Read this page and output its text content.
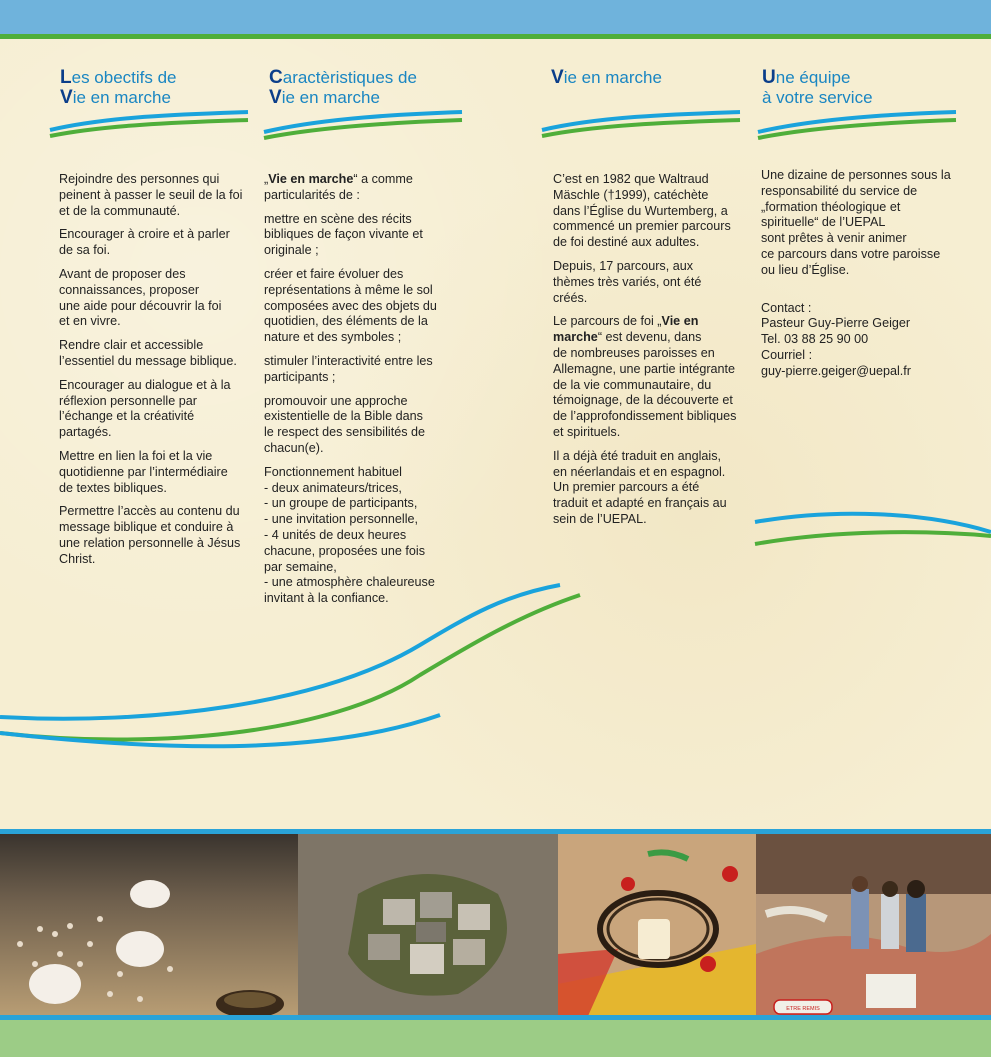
Les obectifs de
Vie en marche
Caractèristiques de
Vie en marche
Vie en marche	Une équipe
à votre service

Rejoindre des personnes qui
peinent à passer le seuil de la foi
et de la communauté.

Encourager à croire et à parler
de sa foi.

Avant de proposer des
connaissances, proposer
une aide pour découvrir la foi
et en vivre.

Rendre clair et accessible
l’essentiel du message biblique.

Encourager au dialogue et à la
réflexion personnelle par
l’échange et la créativité
partagés.

Mettre en lien la foi et la vie
quotidienne par l’intermédiaire
de textes bibliques.

Permettre l’accès au contenu du
message biblique et conduire à
une relation personnelle à Jésus
Christ.

„Vie en marche“ a comme
particularités de :

mettre en scène des récits
bibliques de façon vivante et
originale ;

créer et faire évoluer des
représentations à même le sol
composées avec des objets du
quotidien, des éléments de la
nature et des symboles ;

stimuler l’interactivité entre les
participants ;

promouvoir une approche
existentielle de la Bible dans
le respect des sensibilités de
chacun(e).

Fonctionnement habituel
- deux animateurs/trices,
- un groupe de participants,
- une invitation personnelle,
- 4 unités de deux heures
chacune, proposées une fois
par semaine,
- une atmosphère chaleureuse
invitant à la confiance.

C’est en 1982 que Waltraud
Mäschle (†1999), catéchète
dans l’Église du Wurtemberg, a
commencé un premier parcours
de foi destiné aux adultes.

Depuis, 17 parcours, aux
thèmes très variés, ont été
créés.

Le parcours de foi „Vie en
marche“ est devenu, dans
de nombreuses paroisses en
Allemagne, une partie intégrante
de la vie communautaire, du
témoignage, de la découverte et
de l’approfondissement bibliques
et spirituels.

Il a déjà été traduit en anglais,
en néerlandais et en espagnol.
Un premier parcours a été
traduit et adapté en français au
sein de l’UEPAL.

Une dizaine de personnes sous la
responsabilité du service de
„formation théologique et
spirituelle“ de l’UEPAL
sont prêtes à venir animer
ce parcours dans votre paroisse
ou lieu d’Église.

Contact :
Pasteur Guy-Pierre Geiger
Tel. 03 88 25 90 00
Courriel :
guy-pierre.geiger@uepal.fr
ETRE REMIS
